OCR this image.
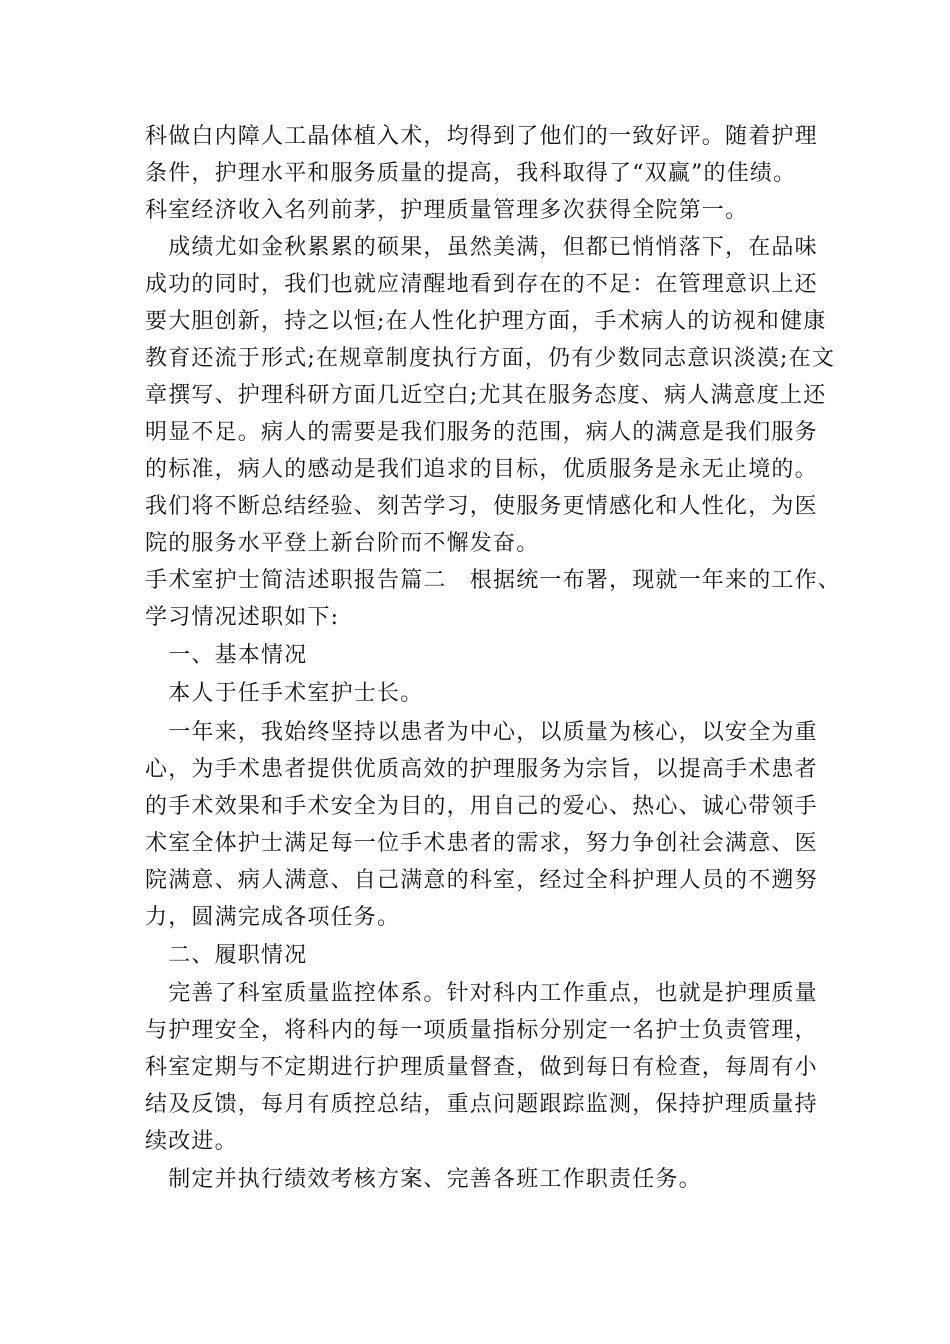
科做白内障人工晶体植入术，均得到了他们的一致好评。随着护理
条件，护理水平和服务质量的提高，我科取得了“双赢”的佳绩。
科室经济收入名列前茅，护理质量管理多次获得全院第一。
　成绩尤如金秋累累的硕果，虽然美满，但都已悄悄落下，在品味
成功的同时，我们也就应清醒地看到存在的不足：在管理意识上还
要大胆创新，持之以恒;在人性化护理方面，手术病人的访视和健康
教育还流于形式;在规章制度执行方面，仍有少数同志意识淡漠;在文
章撰写、护理科研方面几近空白;尤其在服务态度、病人满意度上还
明显不足。病人的需要是我们服务的范围，病人的满意是我们服务
的标准，病人的感动是我们追求的目标，优质服务是永无止境的。
我们将不断总结经验、刻苦学习，使服务更情感化和人性化，为医
院的服务水平登上新台阶而不懈发奋。
手术室护士简洁述职报告篇二　根据统一布署，现就一年来的工作、
学习情况述职如下:
　一、基本情况
　本人于任手术室护士长。
　一年来，我始终坚持以患者为中心，以质量为核心，以安全为重
心，为手术患者提供优质高效的护理服务为宗旨，以提高手术患者
的手术效果和手术安全为目的，用自己的爱心、热心、诚心带领手
术室全体护士满足每一位手术患者的需求，努力争创社会满意、医
院满意、病人满意、自己满意的科室，经过全科护理人员的不遡努
力，圆满完成各项任务。
　二、履职情况
　完善了科室质量监控体系。针对科内工作重点，也就是护理质量
与护理安全，将科内的每一项质量指标分别定一名护士负责管理，
科室定期与不定期进行护理质量督查，做到每日有检查，每周有小
结及反馈，每月有质控总结，重点问题跟踪监测，保持护理质量持
续改进。
　制定并执行绩效考核方案、完善各班工作职责任务。
